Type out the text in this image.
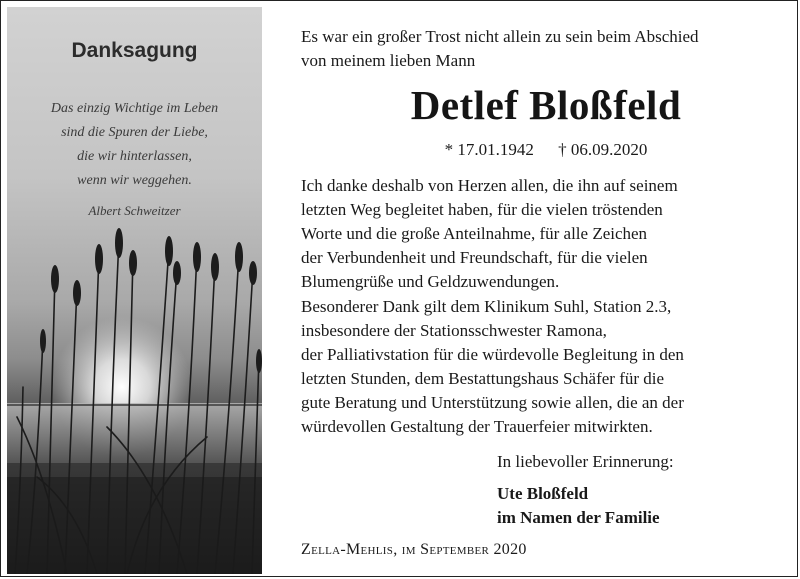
Danksagung
Das einzig Wichtige im Leben
sind die Spuren der Liebe,
die wir hinterlassen,
wenn wir weggehen.
Albert Schweitzer
Es war ein großer Trost nicht allein zu sein beim Abschied
von meinem lieben Mann
Detlef Bloßfeld
* 17.01.1942 † 06.09.2020
Ich danke deshalb von Herzen allen, die ihn auf seinem
letzten Weg begleitet haben, für die vielen tröstenden
Worte und die große Anteilnahme, für alle Zeichen
der Verbundenheit und Freundschaft, für die vielen
Blumengrüße und Geldzuwendungen.
Besonderer Dank gilt dem Klinikum Suhl, Station 2.3,
insbesondere der Stationsschwester Ramona,
der Palliativstation für die würdevolle Begleitung in den
letzten Stunden, dem Bestattungshaus Schäfer für die
gute Beratung und Unterstützung sowie allen, die an der
würdevollen Gestaltung der Trauerfeier mitwirkten.
In liebevoller Erinnerung:
Ute Bloßfeld
im Namen der Familie
Zella-Mehlis, im September 2020
